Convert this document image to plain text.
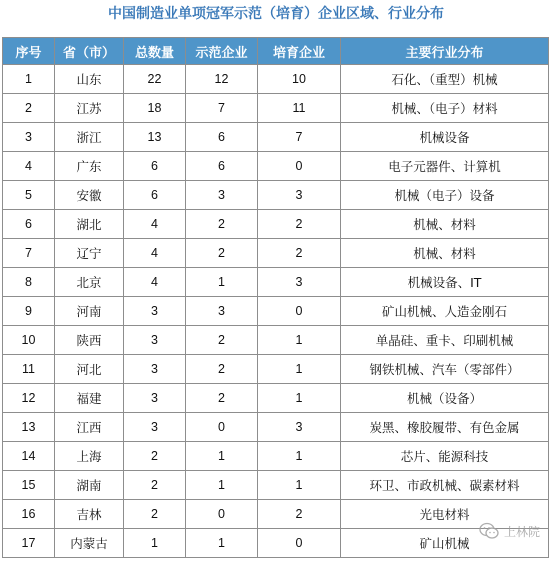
中国制造业单项冠军示范（培育）企业区域、行业分布
序号	省（市）	总数量	示范企业	培育企业	主要行业分布
1	山东	22	12	10	石化、（重型）机械
2	江苏	18	7	11	机械、（电子）材料
3	浙江	13	6	7	机械设备
4	广东	6	6	0	电子元器件、计算机
5	安徽	6	3	3	机械（电子）设备
6	湖北	4	2	2	机械、材料
7	辽宁	4	2	2	机械、材料
8	北京	4	1	3	机械设备、IT
9	河南	3	3	0	矿山机械、人造金刚石
10	陕西	3	2	1	单晶硅、重卡、印刷机械
11	河北	3	2	1	钢铁机械、汽车（零部件）
12	福建	3	2	1	机械（设备）
13	江西	3	0	3	炭黑、橡胶履带、有色金属
14	上海	2	1	1	芯片、能源科技
15	湖南	2	1	1	环卫、市政机械、碳素材料
16	吉林	2	0	2	光电材料
17	内蒙古	1	1	0	矿山机械
上林院
